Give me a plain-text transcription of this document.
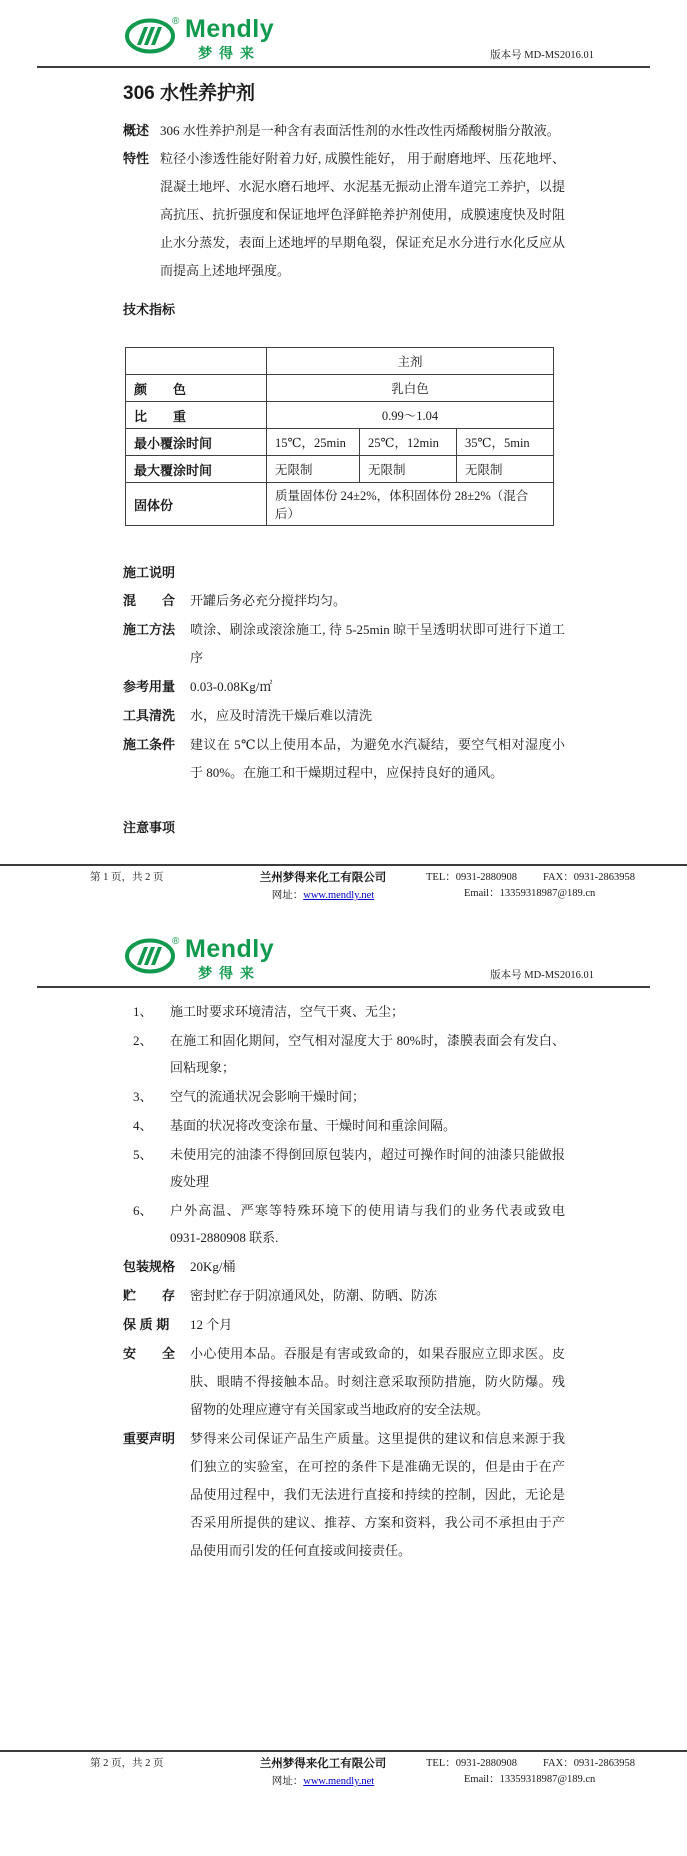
® Mendly
梦得来	版本号 MD-MS2016.01
306 水性养护剂
概述 306 水性养护剂是一种含有表面活性剂的水性改性丙烯酸树脂分散液。
特性 粒径小渗透性能好附着力好, 成膜性能好， 用于耐磨地坪、压花地坪、混凝土地坪、水泥水磨石地坪、水泥基无振动止滑车道完工养护，以提高抗压、抗折强度和保证地坪色泽鲜艳养护剂使用，成膜速度快及时阻止水分蒸发，表面上述地坪的早期龟裂，保证充足水分进行水化反应从而提高上述地坪强度。
技术指标
	主剂		
颜　　色	乳白色		
比　　重	0.99～1.04		
最小覆涂时间	15℃，25min	25℃，12min	35℃，5min
最大覆涂时间	无限制	无限制	无限制
固体份	质量固体份 24±2%，体积固体份 28±2%（混合后）		
施工说明
混　　合	开罐后务必充分搅拌均匀。
施工方法	喷涂、刷涂或滚涂施工, 待 5-25min 晾干呈透明状即可进行下道工序
参考用量	0.03-0.08Kg/㎡
工具清洗	水，应及时清洗干燥后难以清洗
施工条件	建议在 5℃以上使用本品，为避免水汽凝结，要空气相对湿度小于 80%。在施工和干燥期过程中，应保持良好的通风。
注意事项
第 1 页，共 2 页	兰州梦得来化工有限公司
网址：www.mendly.net
TEL：0931-2880908 FAX：0931-2863958
Email：13359318987@189.cn
® Mendly
梦得来	版本号 MD-MS2016.01
1、	施工时要求环境清洁，空气干爽、无尘；
2、	在施工和固化期间，空气相对湿度大于 80%时，漆膜表面会有发白、回粘现象；
3、	空气的流通状况会影响干燥时间；
4、	基面的状况将改变涂布量、干燥时间和重涂间隔。
5、	未使用完的油漆不得倒回原包装内，超过可操作时间的油漆只能做报废处理
6、	户外高温、严寒等特殊环境下的使用请与我们的业务代表或致电 0931-2880908 联系.
包装规格	20Kg/桶
贮　　存	密封贮存于阴凉通风处，防潮、防晒、防冻
保 质 期	12 个月
安　　全	小心使用本品。吞服是有害或致命的，如果吞服应立即求医。皮肤、眼睛不得接触本品。时刻注意采取预防措施，防火防爆。残留物的处理应遵守有关国家或当地政府的安全法规。
重要声明	梦得来公司保证产品生产质量。这里提供的建议和信息来源于我们独立的实验室，在可控的条件下是准确无误的，但是由于在产品使用过程中，我们无法进行直接和持续的控制，因此，无论是否采用所提供的建议、推荐、方案和资料，我公司不承担由于产品使用而引发的任何直接或间接责任。
第 2 页，共 2 页	兰州梦得来化工有限公司
网址：www.mendly.net
TEL：0931-2880908 FAX：0931-2863958
Email：13359318987@189.cn
